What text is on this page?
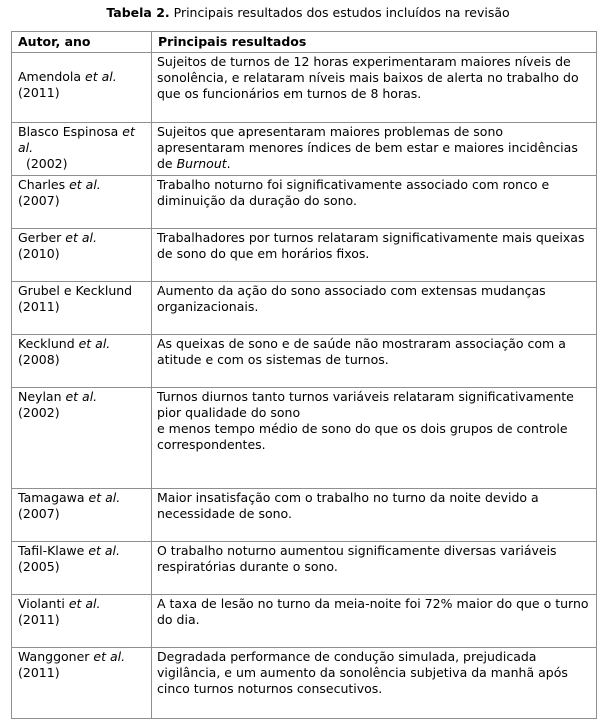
Tabela 2. Principais resultados dos estudos incluídos na revisão
Autor, ano	Principais resultados
Amendola et al.
(2011)	Sujeitos de turnos de 12 horas experimentaram maiores níveis de sonolência, e relataram níveis mais baixos de alerta no trabalho do que os funcionários em turnos de 8 horas.
Blasco Espinosa et al.
(2002)	Sujeitos que apresentaram maiores problemas de sono apresentaram menores índices de bem estar e maiores incidências de Burnout.
Charles et al.
(2007)	Trabalho noturno foi significativamente associado com ronco e diminuição da duração do sono.
Gerber et al.
(2010)	Trabalhadores por turnos relataram significativamente mais queixas de sono do que em horários fixos.
Grubel e Kecklund
(2011)	Aumento da ação do sono associado com extensas mudanças organizacionais.
Kecklund et al.
(2008)	As queixas de sono e de saúde não mostraram associação com a atitude e com os sistemas de turnos.
Neylan et al.
(2002)	Turnos diurnos tanto turnos variáveis relataram significativamente pior qualidade do sono
e menos tempo médio de sono do que os dois grupos de controle correspondentes.
Tamagawa et al.
(2007)	Maior insatisfação com o trabalho no turno da noite devido a necessidade de sono.
Tafil-Klawe et al.
(2005)	O trabalho noturno aumentou significamente diversas variáveis respiratórias durante o sono.
Violanti et al.
(2011)	A taxa de lesão no turno da meia-noite foi 72% maior do que o turno do dia.
Wanggoner et al.
(2011)	Degradada performance de condução simulada, prejudicada vigilância, e um aumento da sonolência subjetiva da manhã após cinco turnos noturnos consecutivos.
